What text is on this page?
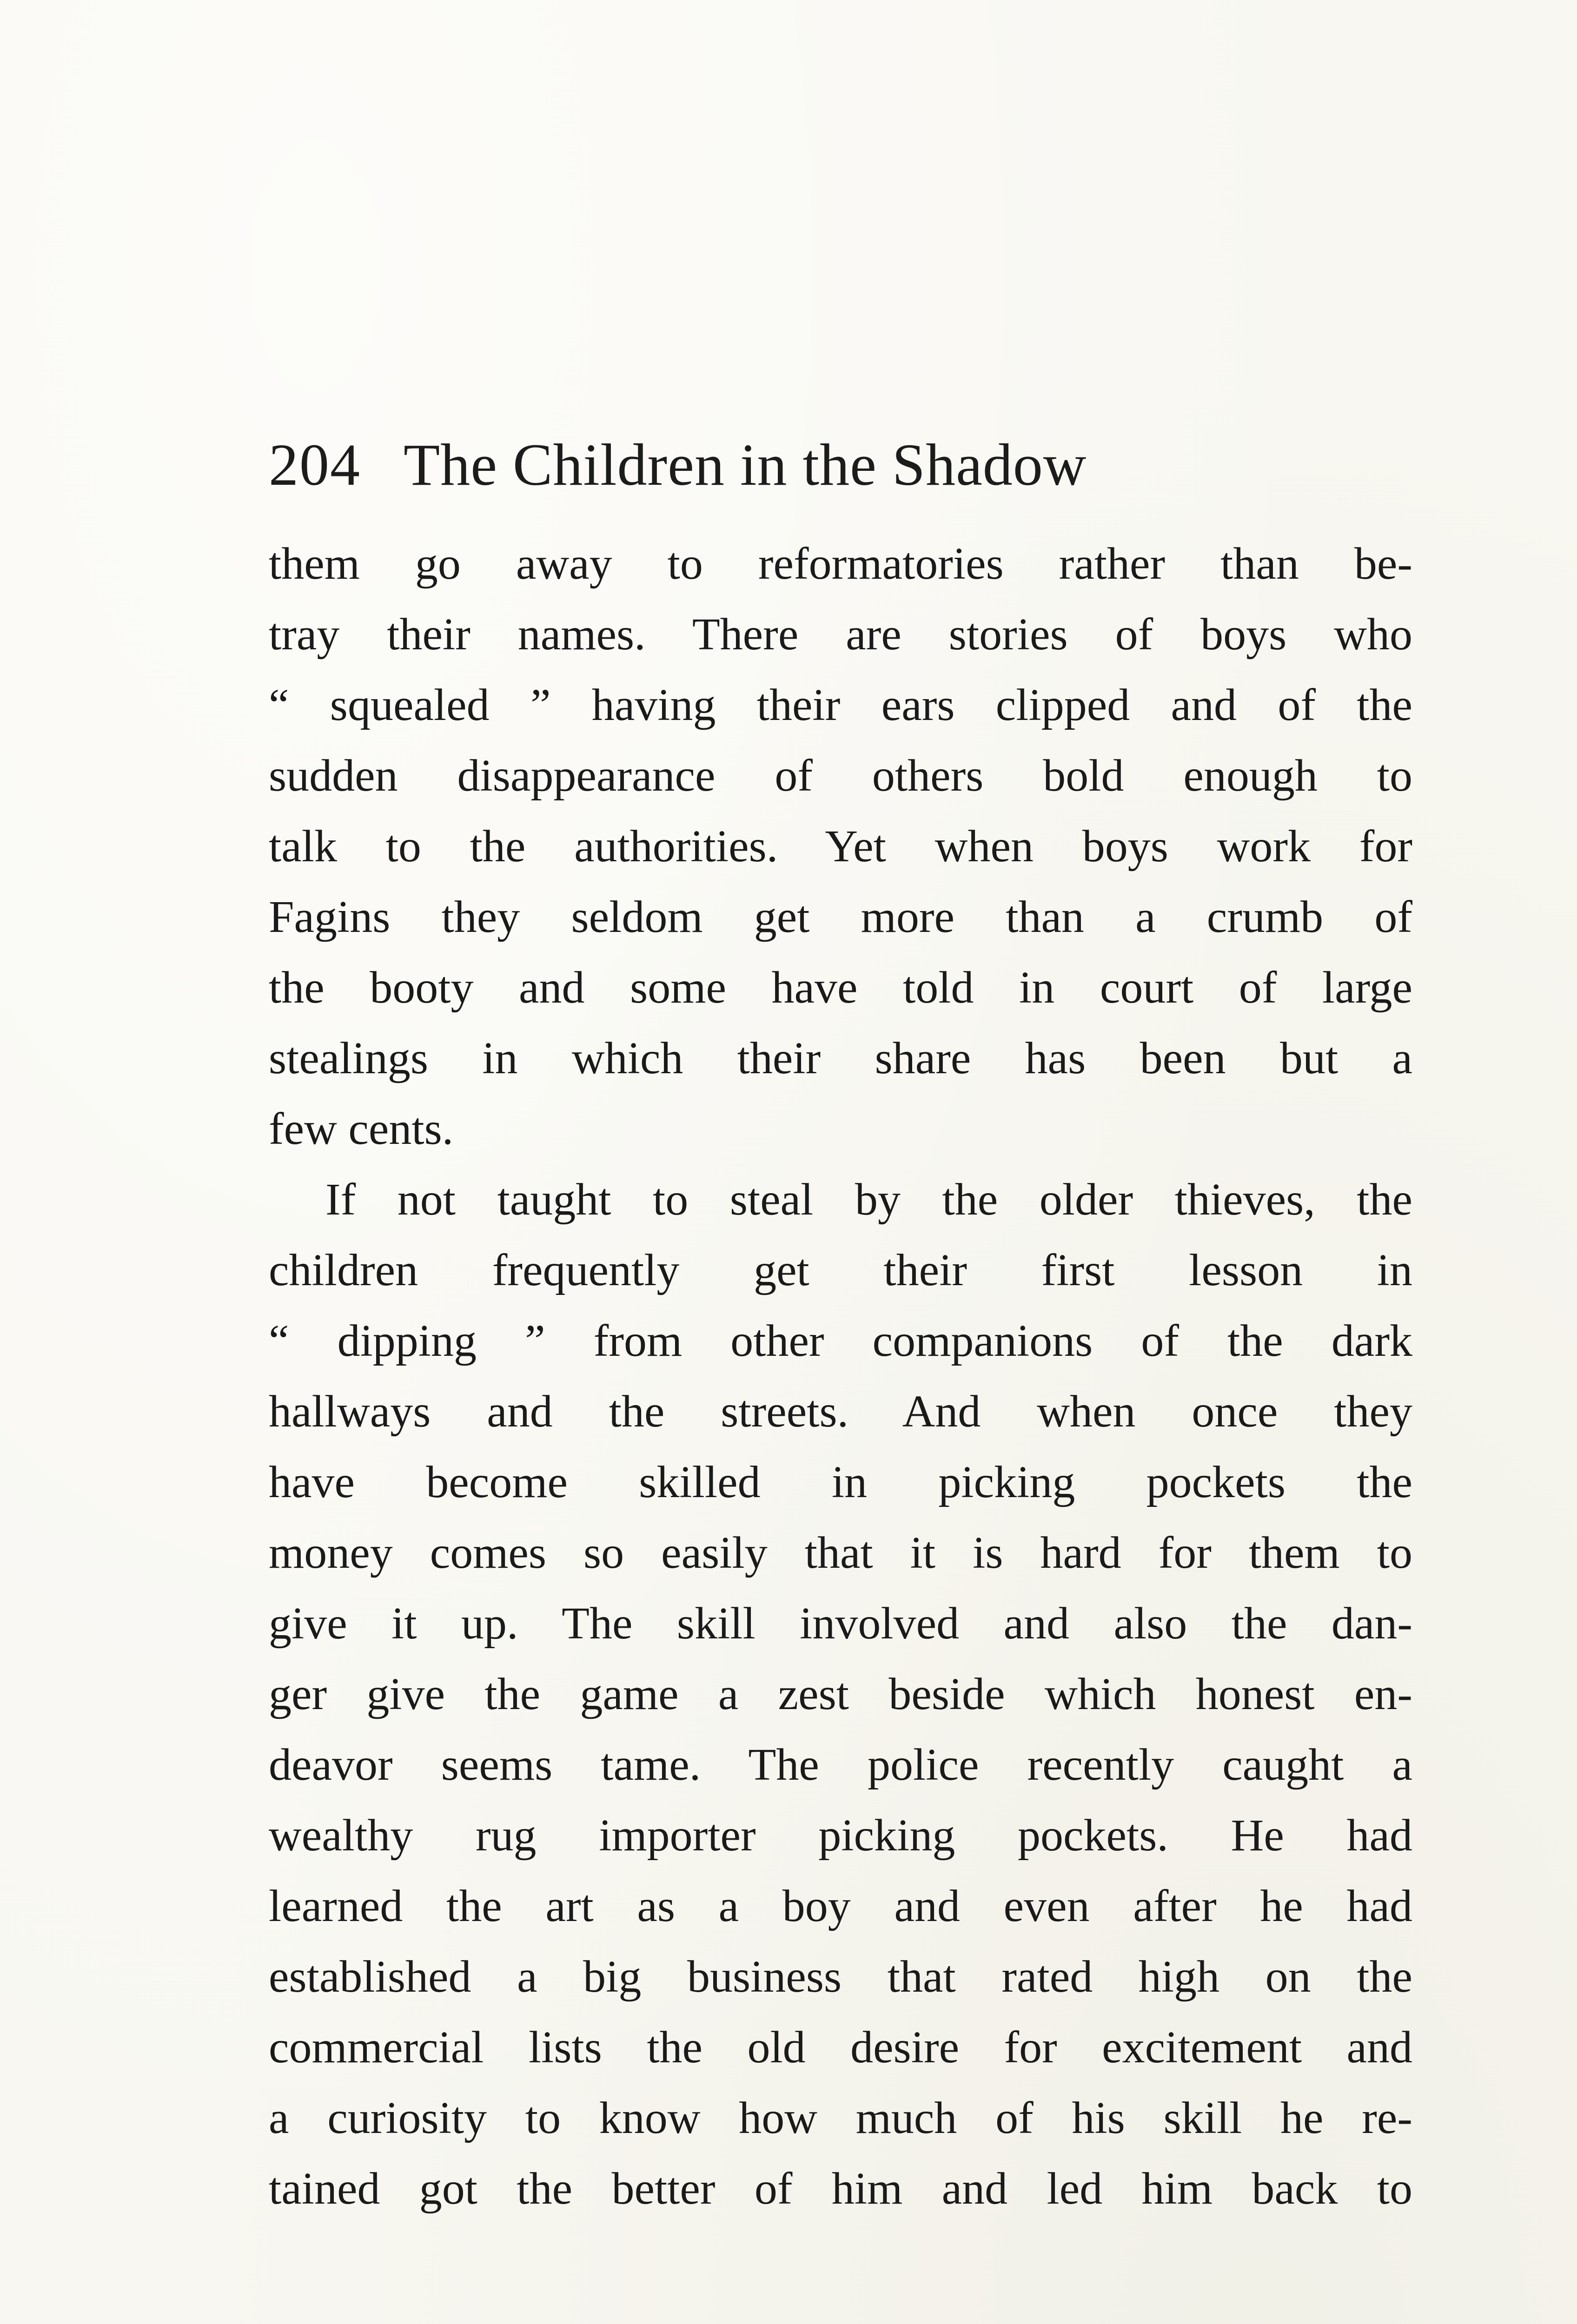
204 The Children in the Shadow
them go away to reformatories rather than be-
tray their names. There are stories of boys who
“ squealed ” having their ears clipped and of the
sudden disappearance of others bold enough to
talk to the authorities. Yet when boys work for
Fagins they seldom get more than a crumb of
the booty and some have told in court of large
stealings in which their share has been but a
few cents.
If not taught to steal by the older thieves, the
children frequently get their first lesson in
“ dipping ” from other companions of the dark
hallways and the streets. And when once they
have become skilled in picking pockets the
money comes so easily that it is hard for them to
give it up. The skill involved and also the dan-
ger give the game a zest beside which honest en-
deavor seems tame. The police recently caught a
wealthy rug importer picking pockets. He had
learned the art as a boy and even after he had
established a big business that rated high on the
commercial lists the old desire for excitement and
a curiosity to know how much of his skill he re-
tained got the better of him and led him back to
